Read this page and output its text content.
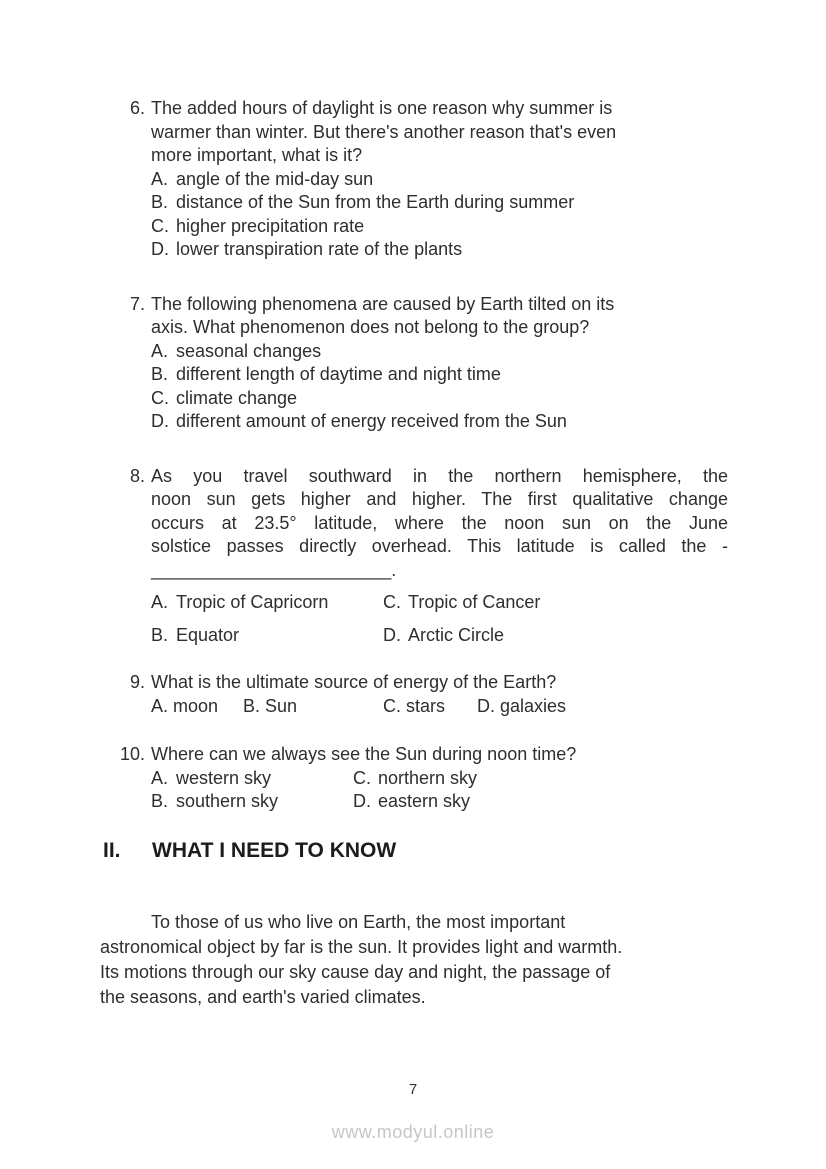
6. The added hours of daylight is one reason why summer is
warmer than winter. But there's another reason that's even
more important, what is it?
A. angle of the mid-day sun
B. distance of the Sun from the Earth during summer
C. higher precipitation rate
D. lower transpiration rate of the plants
7. The following phenomena are caused by Earth tilted on its
axis. What phenomenon does not belong to the group?
A. seasonal changes
B. different length of daytime and night time
C. climate change
D. different amount of energy received from the Sun
8. As you travel southward in the northern hemisphere, the
noon sun gets higher and higher. The first qualitative change
occurs at 23.5° latitude, where the noon sun on the June
solstice passes directly overhead. This latitude is called the -
________________________.
A. Tropic of Capricorn	C. Tropic of Cancer
B. Equator	D. Arctic Circle
9. What is the ultimate source of energy of the Earth?
A. moon	B. Sun	C. stars	D. galaxies
10. Where can we always see the Sun during noon time?
A. western sky	C. northern sky
B. southern sky	D. eastern sky
II.	WHAT I NEED TO KNOW
To those of us who live on Earth, the most important
astronomical object by far is the sun. It provides light and warmth.
Its motions through our sky cause day and night, the passage of
the seasons, and earth's varied climates.
7
www.modyul.online
